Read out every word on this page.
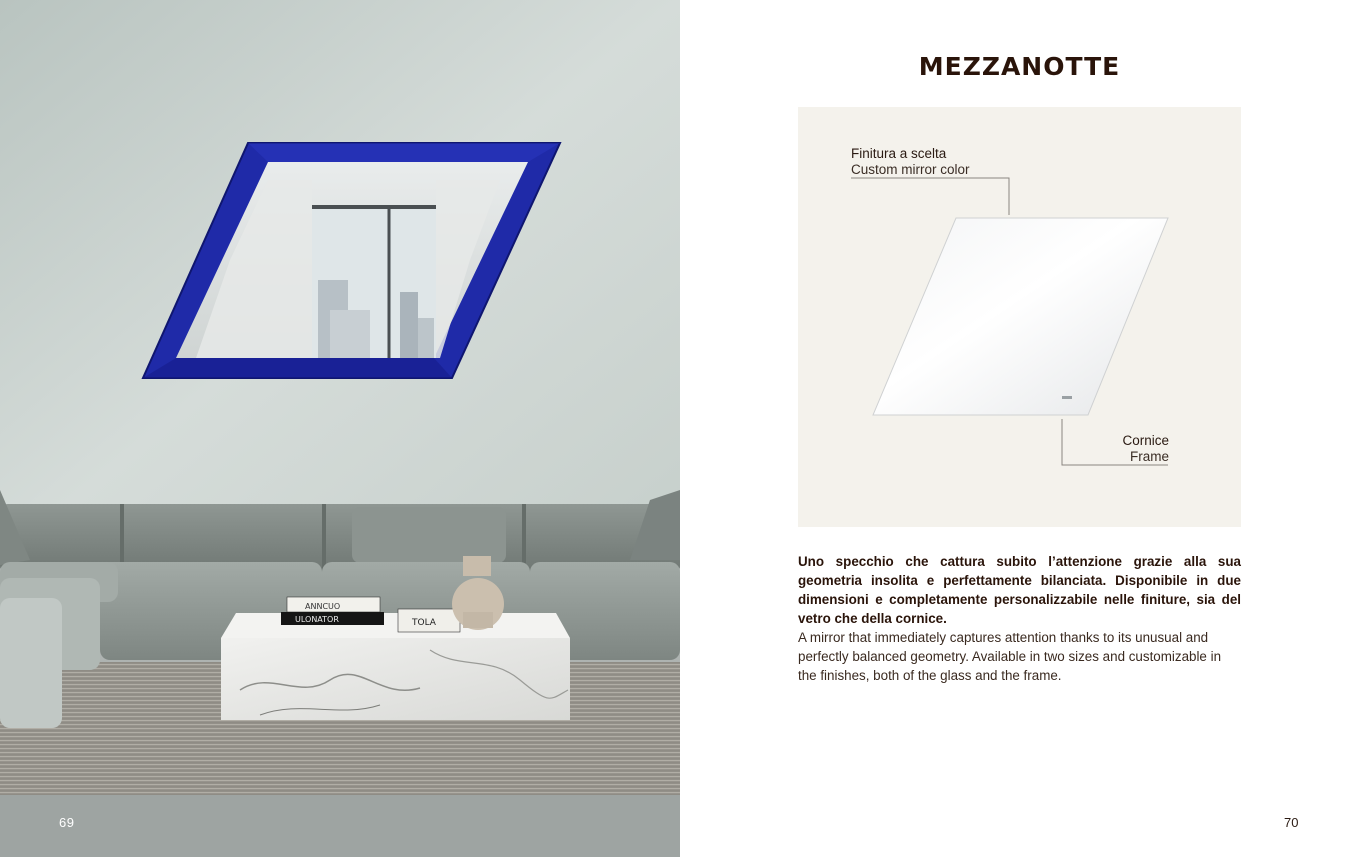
ANNCUO
ULONATOR	TOLA
69
MEZZANOTTE
Finitura a scelta
Custom mirror color
Cornice
Frame

Uno specchio che cattura subito l’attenzione grazie alla sua geometria insolita e perfettamente bilanciata. Disponibile in due dimensioni e completamente personalizzabile nelle finiture, sia del vetro che della cornice.

A mirror that immediately captures attention thanks to its unusual and perfectly balanced geometry. Available in two sizes and customizable in the finishes, both of the glass and the frame.

70
